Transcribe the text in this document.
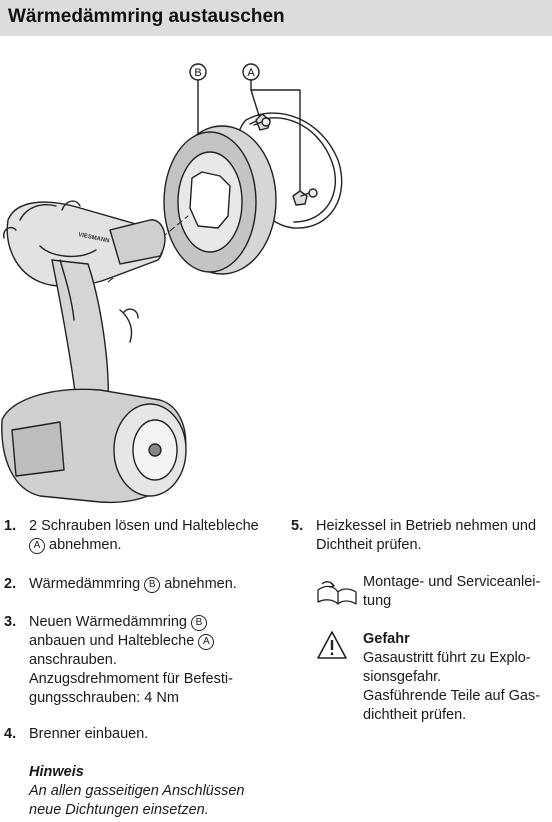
Wärmedämmring austauschen
A
B
VIESMANN
1. 2 Schrauben lösen und Haltebleche
A abnehmen.
2. Wärmedämmring B abnehmen.
3. Neuen Wärmedämmring B
anbauen und Haltebleche A
anschrauben.
Anzugsdrehmoment für Befesti-
gungsschrauben: 4 Nm
4. Brenner einbauen.
Hinweis
An allen gasseitigen Anschlüssen
neue Dichtungen einsetzen.
5. Heizkessel in Betrieb nehmen und
Dichtheit prüfen.
Montage- und Serviceanlei-
tung
Gefahr
Gasaustritt führt zu Explo-
sionsgefahr.
Gasführende Teile auf Gas-
dichtheit prüfen.
